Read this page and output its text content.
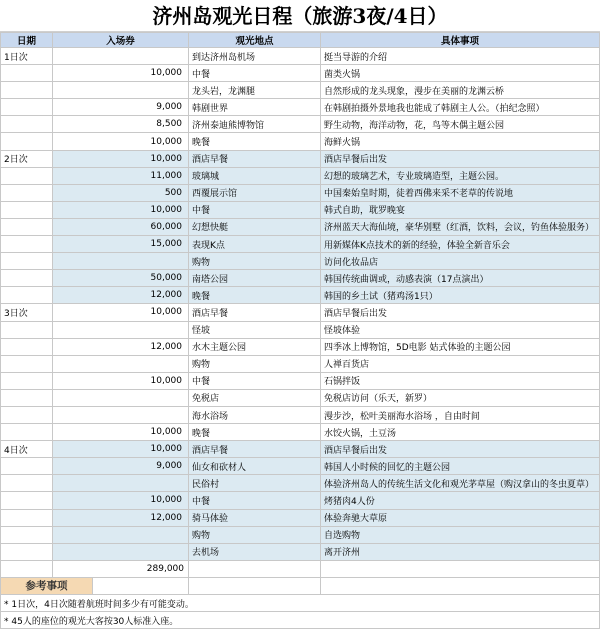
济州岛观光日程（旅游3夜/4日）
日期	入场券		观光地点	具体事项
1日次			到达济州岛机场	挺当导游的介绍
	10,000		中餐	菌类火锅
			龙头岩，龙渊腿	自然形成的龙头现象，漫步在美丽的龙渊云桥
	9,000		韩剧世界	在韩剧拍摄外景地我也能成了韩剧主人公。（拍纪念照）
	8,500		济州泰迪熊博物馆	野生动物，海洋动物，花，鸟等木偶主题公园
	10,000		晚餐	海鲜火锅
2日次	10,000		酒店早餐	酒店早餐后出发
	11,000		玻璃城	幻想的玻璃艺术，专业玻璃造型，主题公园。
	500		西覆展示馆	中国秦始皇时期，徒着西佛来采不老草的传说地
	10,000		中餐	韩式自助，耽罗晚宴
	60,000		幻想快艇	济州蓝天大海仙境，豪华别墅（红酒，饮料，会议，钓鱼体验服务）
	15,000		表现K点	用新媒体K点技术的新的经验，体验全新音乐会
			购物	访问化妆品店
	50,000		南塔公园	韩国传统曲调或，动感表演（17点演出）
	12,000		晚餐	韩国的乡土试（猪鸡汤1只）
3日次	10,000		酒店早餐	酒店早餐后出发
			怪坡	怪坡体验
	12,000		水木主题公园	四季冰上博物馆，5D电影 姑式体验的主题公园
			购物	人禅百货店
	10,000		中餐	石锅拌饭
			免税店	免税店访问（乐天，新罗）
			海水浴场	漫步沙，松叶美丽海水浴场 ，自由时间
	10,000		晚餐	水饺火锅，土豆汤
4日次	10,000		酒店早餐	酒店早餐后出发
	9,000		仙女和砍材人	韩国人小时候的回忆的主题公园
			民俗村	体验济州岛人的传统生活文化和观光茅草屋（购汉拿山的冬虫夏草）
	10,000		中餐	烤猪肉4人份
	12,000		骑马体验	体验奔驰大草原
			购物	自选购物
			去机场	离开济州
	289,000			
参考事项				
* 1日次，4日次随着航班时间多少有可能变动。				
* 45人的座位的观光大客按30人标准入座。				
